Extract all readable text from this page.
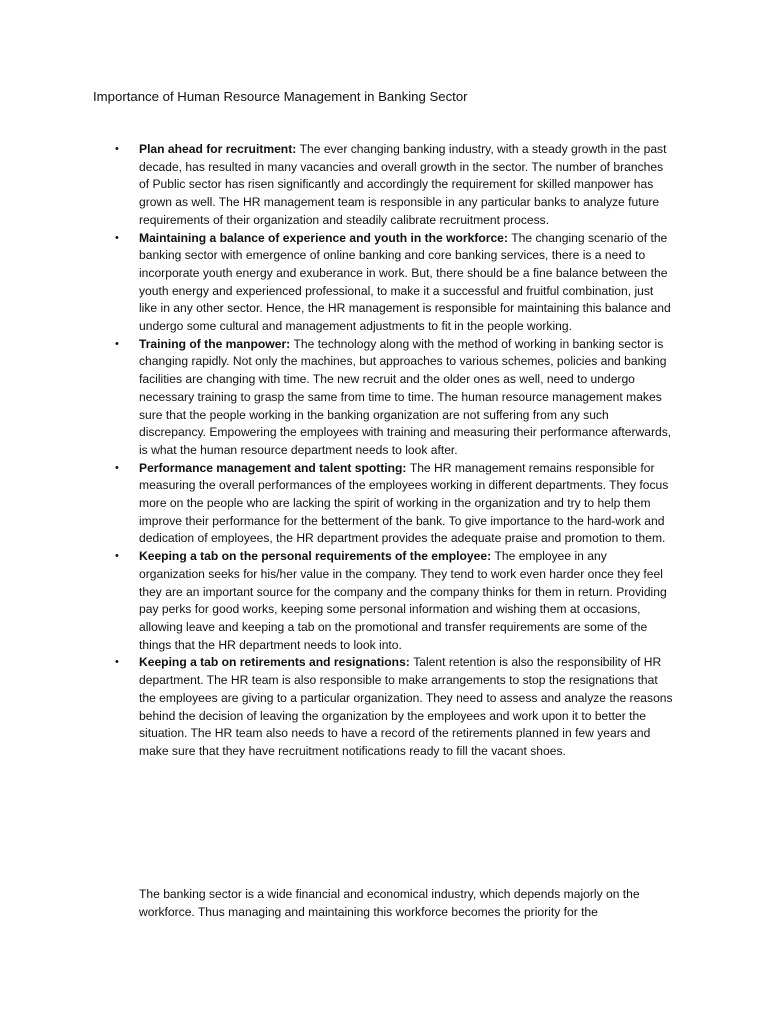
Importance of Human Resource Management in Banking Sector
•	Plan ahead for recruitment: The ever changing banking industry, with a steady growth in the past decade, has resulted in many vacancies and overall growth in the sector. The number of branches of Public sector has risen significantly and accordingly the requirement for skilled manpower has grown as well. The HR management team is responsible in any particular banks to analyze future requirements of their organization and steadily calibrate recruitment process.
•	Maintaining a balance of experience and youth in the workforce: The changing scenario of the banking sector with emergence of online banking and core banking services, there is a need to incorporate youth energy and exuberance in work. But, there should be a fine balance between the youth energy and experienced professional, to make it a successful and fruitful combination, just like in any other sector. Hence, the HR management is responsible for maintaining this balance and undergo some cultural and management adjustments to fit in the people working.
•	Training of the manpower: The technology along with the method of working in banking sector is changing rapidly. Not only the machines, but approaches to various schemes, policies and banking facilities are changing with time. The new recruit and the older ones as well, need to undergo necessary training to grasp the same from time to time. The human resource management makes sure that the people working in the banking organization are not suffering from any such discrepancy. Empowering the employees with training and measuring their performance afterwards, is what the human resource department needs to look after.
•	Performance management and talent spotting: The HR management remains responsible for measuring the overall performances of the employees working in different departments. They focus more on the people who are lacking the spirit of working in the organization and try to help them improve their performance for the betterment of the bank. To give importance to the hard-work and dedication of employees, the HR department provides the adequate praise and promotion to them.
•	Keeping a tab on the personal requirements of the employee: The employee in any organization seeks for his/her value in the company. They tend to work even harder once they feel they are an important source for the company and the company thinks for them in return. Providing pay perks for good works, keeping some personal information and wishing them at occasions, allowing leave and keeping a tab on the promotional and transfer requirements are some of the things that the HR department needs to look into.
•	Keeping a tab on retirements and resignations: Talent retention is also the responsibility of HR department. The HR team is also responsible to make arrangements to stop the resignations that the employees are giving to a particular organization. They need to assess and analyze the reasons behind the decision of leaving the organization by the employees and work upon it to better the situation. The HR team also needs to have a record of the retirements planned in few years and make sure that they have recruitment notifications ready to fill the vacant shoes.

The banking sector is a wide financial and economical industry, which depends majorly on the workforce. Thus managing and maintaining this workforce becomes the priority for the
